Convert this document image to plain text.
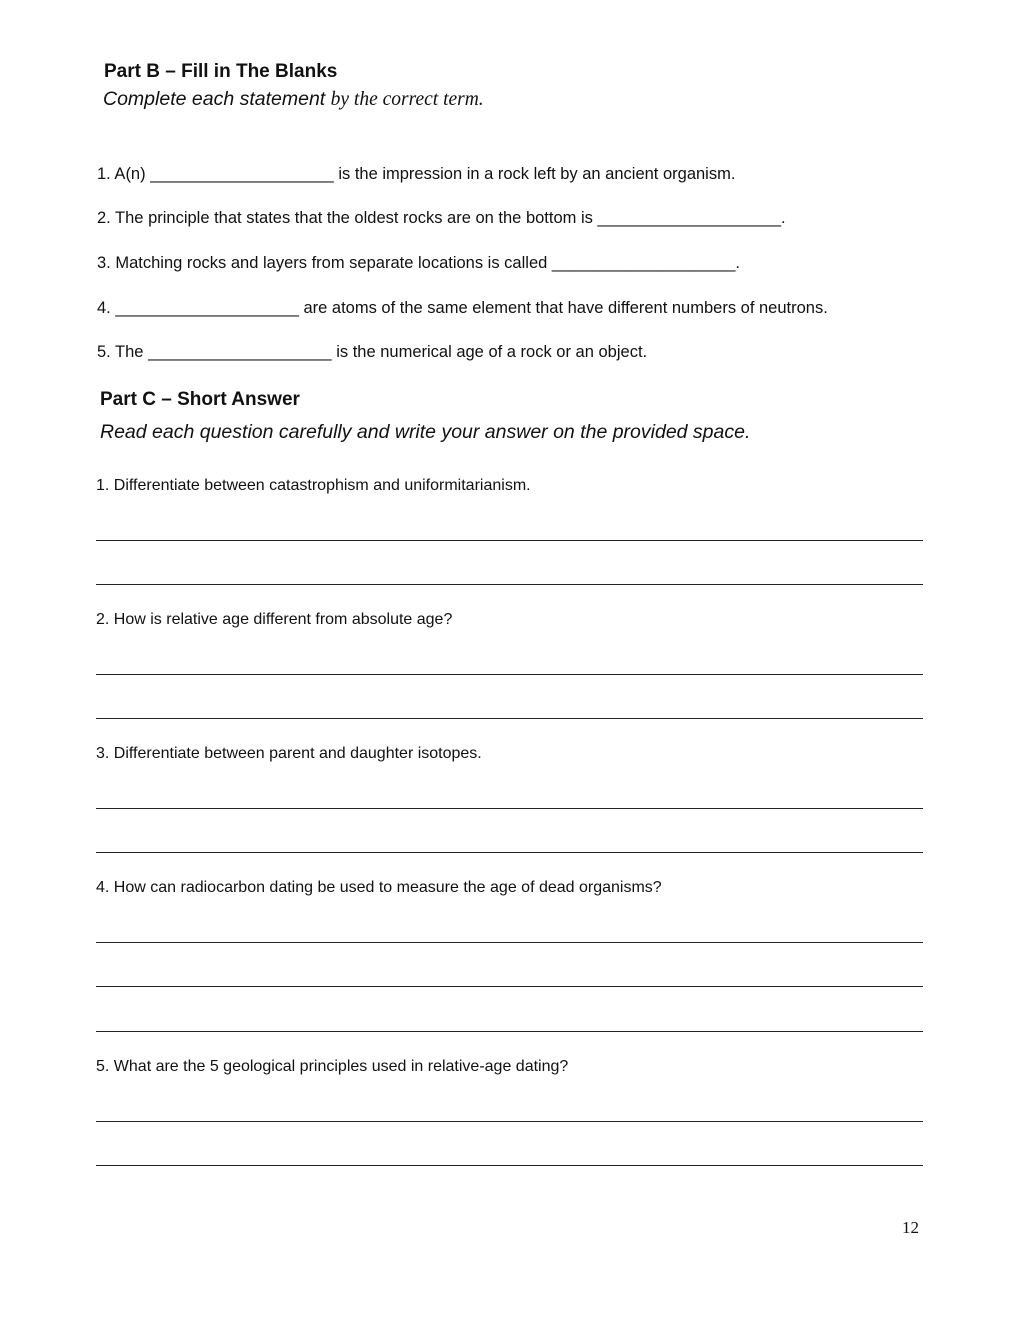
Part B – Fill in The Blanks
Complete each statement by the correct term.
1. A(n) ____________________ is the impression in a rock left by an ancient organism.
2. The principle that states that the oldest rocks are on the bottom is ____________________.
3. Matching rocks and layers from separate locations is called ____________________.
4. ____________________ are atoms of the same element that have different numbers of neutrons.
5. The ____________________ is the numerical age of a rock or an object.
Part C – Short Answer
Read each question carefully and write your answer on the provided space.
1. Differentiate between catastrophism and uniformitarianism.
2. How is relative age different from absolute age?
3. Differentiate between parent and daughter isotopes.
4. How can radiocarbon dating be used to measure the age of dead organisms?
5. What are the 5 geological principles used in relative-age dating?
12
